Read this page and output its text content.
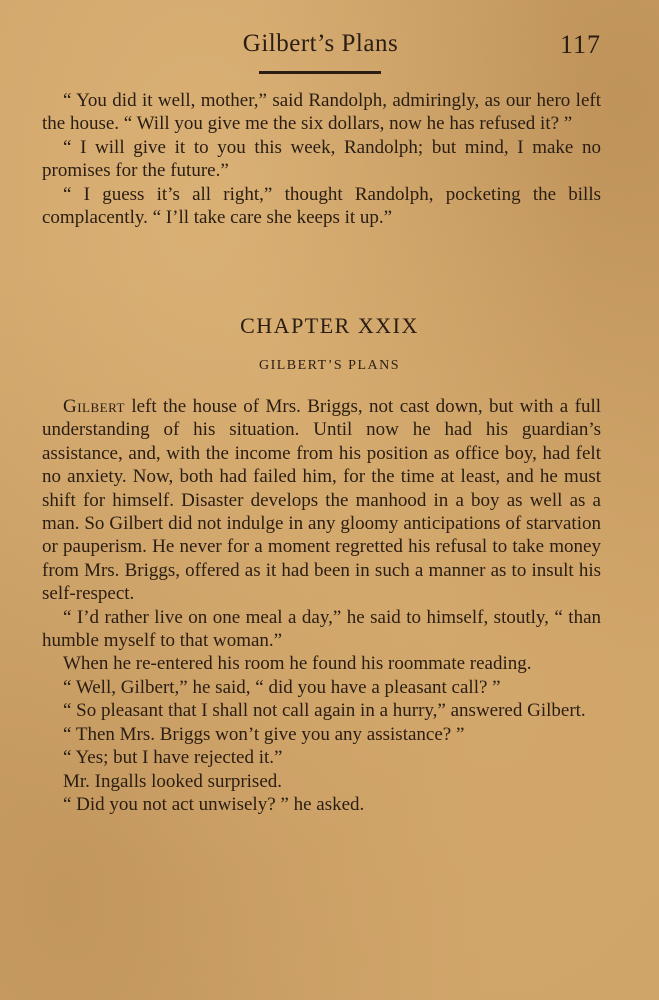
Gilbert’s Plans	117

“ You did it well, mother,” said Randolph, admiringly, as our hero left the house. “ Will you give me the six dollars, now he has refused it? ”

“ I will give it to you this week, Randolph; but mind, I make no promises for the future.”

“ I guess it’s all right,” thought Randolph, pocketing the bills complacently. “ I’ll take care she keeps it up.”

CHAPTER XXIX
GILBERT’S PLANS

Gilbert left the house of Mrs. Briggs, not cast down, but with a full understanding of his situation. Until now he had his guardian’s assistance, and, with the income from his position as office boy, had felt no anxiety. Now, both had failed him, for the time at least, and he must shift for himself. Disaster develops the manhood in a boy as well as a man. So Gilbert did not indulge in any gloomy anticipations of starvation or pauperism. He never for a moment regretted his refusal to take money from Mrs. Briggs, offered as it had been in such a manner as to insult his self-respect.

“ I’d rather live on one meal a day,” he said to himself, stoutly, “ than humble myself to that woman.”

When he re-entered his room he found his roommate reading.

“ Well, Gilbert,” he said, “ did you have a pleasant call? ”

“ So pleasant that I shall not call again in a hurry,” answered Gilbert.

“ Then Mrs. Briggs won’t give you any assistance? ”

“ Yes; but I have rejected it.”

Mr. Ingalls looked surprised.

“ Did you not act unwisely? ” he asked.
